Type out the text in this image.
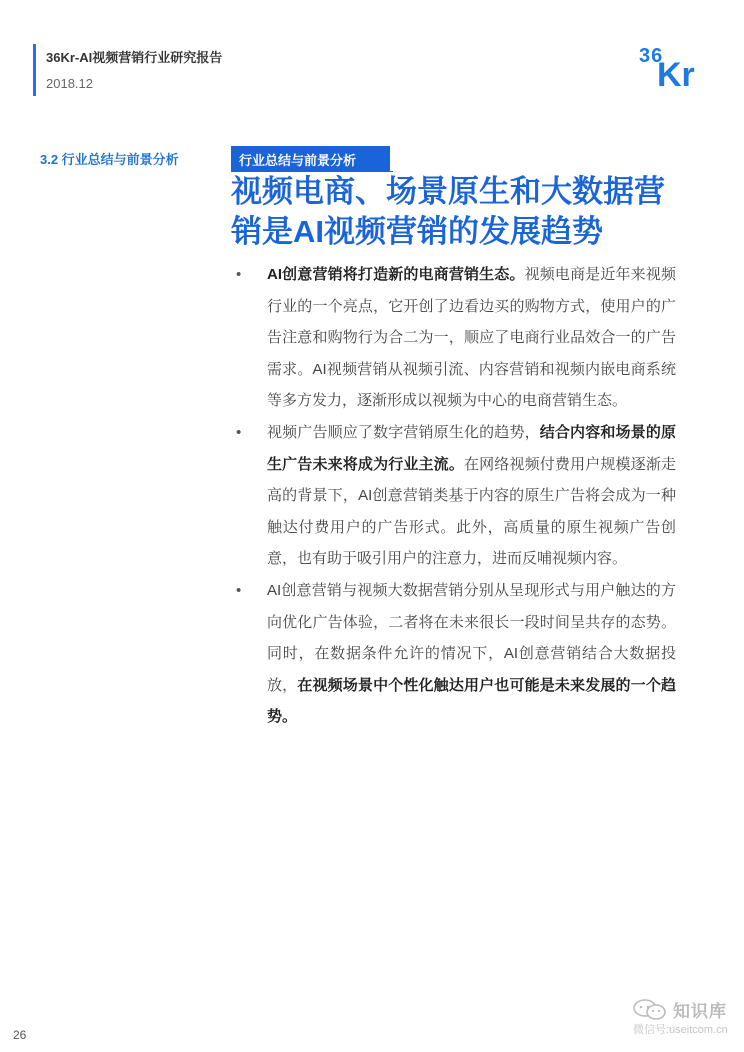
36Kr-AI视频营销行业研究报告
2018.12
36
Kr
3.2 行业总结与前景分析	行业总结与前景分析
视频电商、场景原生和大数据营
销是AI视频营销的发展趋势
• AI创意营销将打造新的电商营销生态。视频电商是近年来视频行业的一个亮点，它开创了边看边买的购物方式，使用户的广告注意和购物行为合二为一，顺应了电商行业品效合一的广告需求。AI视频营销从视频引流、内容营销和视频内嵌电商系统等多方发力，逐渐形成以视频为中心的电商营销生态。
• 视频广告顺应了数字营销原生化的趋势，结合内容和场景的原生广告未来将成为行业主流。在网络视频付费用户规模逐渐走高的背景下，AI创意营销类基于内容的原生广告将会成为一种触达付费用户的广告形式。此外，高质量的原生视频广告创意，也有助于吸引用户的注意力，进而反哺视频内容。
• AI创意营销与视频大数据营销分别从呈现形式与用户触达的方向优化广告体验，二者将在未来很长一段时间呈共存的态势。同时，在数据条件允许的情况下，AI创意营销结合大数据投放，在视频场景中个性化触达用户也可能是未来发展的一个趋势。
26
知识库
微信号:useitcom.cn
